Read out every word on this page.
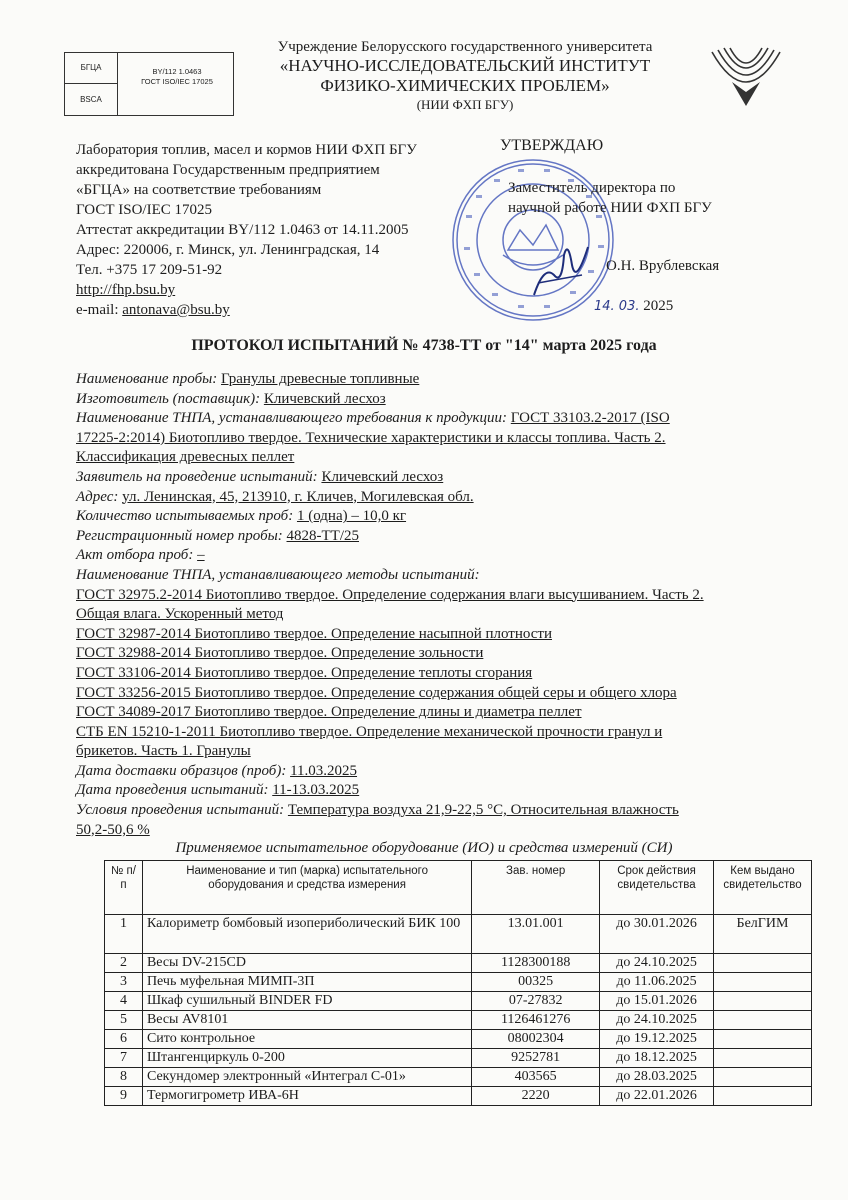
БГЦА
BSCA
BY/112 1.0463
ГОСТ ISO/IEC 17025
Учреждение Белорусского государственного университета
«НАУЧНО-ИССЛЕДОВАТЕЛЬСКИЙ ИНСТИТУТ
ФИЗИКО-ХИМИЧЕСКИХ ПРОБЛЕМ»
(НИИ ФХП БГУ)
Лаборатория топлив, масел и кормов НИИ ФХП БГУ
аккредитована Государственным предприятием
«БГЦА» на соответствие требованиям
ГОСТ ISO/IEC 17025
Аттестат аккредитации BY/112 1.0463 от 14.11.2005
Адрес: 220006, г. Минск, ул. Ленинградская, 14
Тел. +375 17 209-51-92
http://fhp.bsu.by
e-mail: antonava@bsu.by
УТВЕРЖДАЮ
Заместитель директора по
научной работе НИИ ФХП БГУ
О.Н. Врублевская
14. 03. 2025
ПРОТОКОЛ ИСПЫТАНИЙ № 4738-ТТ от "14" марта 2025 года
Наименование пробы: Гранулы древесные топливные
Изготовитель (поставщик): Кличевский лесхоз
Наименование ТНПА, устанавливающего требования к продукции: ГОСТ 33103.2-2017 (ISO
17225-2:2014) Биотопливо твердое. Технические характеристики и классы топлива. Часть 2.
Классификация древесных пеллет
Заявитель на проведение испытаний: Кличевский лесхоз
Адрес: ул. Ленинская, 45, 213910, г. Кличев, Могилевская обл.
Количество испытываемых проб: 1 (одна) – 10,0 кг
Регистрационный номер пробы: 4828-ТТ/25
Акт отбора проб: –
Наименование ТНПА, устанавливающего методы испытаний:
ГОСТ 32975.2-2014 Биотопливо твердое. Определение содержания влаги высушиванием. Часть 2.
Общая влага. Ускоренный метод
ГОСТ 32987-2014 Биотопливо твердое. Определение насыпной плотности
ГОСТ 32988-2014 Биотопливо твердое. Определение зольности
ГОСТ 33106-2014 Биотопливо твердое. Определение теплоты сгорания
ГОСТ 33256-2015 Биотопливо твердое. Определение содержания общей серы и общего хлора
ГОСТ 34089-2017 Биотопливо твердое. Определение длины и диаметра пеллет
СТБ EN 15210-1-2011 Биотопливо твердое. Определение механической прочности гранул и
брикетов. Часть 1. Гранулы
Дата доставки образцов (проб): 11.03.2025
Дата проведения испытаний: 11-13.03.2025
Условия проведения испытаний: Температура воздуха 21,9-22,5 °С, Относительная влажность
50,2-50,6 %
Применяемое испытательное оборудование (ИО) и средства измерений (СИ)
№ п/п	Наименование и тип (марка) испытательного оборудования и средства измерения	Зав. номер	Срок действия свидетельства	Кем выдано свидетельство
1	Калориметр бомбовый изопериболический БИК 100	13.01.001	до 30.01.2026	БелГИМ
2	Весы DV-215CD	1128300188	до 24.10.2025	
3	Печь муфельная МИМП-3П	00325	до 11.06.2025	
4	Шкаф сушильный BINDER FD	07-27832	до 15.01.2026	
5	Весы AV8101	1126461276	до 24.10.2025	
6	Сито контрольное	08002304	до 19.12.2025	
7	Штангенциркуль 0-200	9252781	до 18.12.2025	
8	Секундомер электронный «Интеграл С-01»	403565	до 28.03.2025	
9	Термогигрометр ИВА-6Н	2220	до 22.01.2026	
